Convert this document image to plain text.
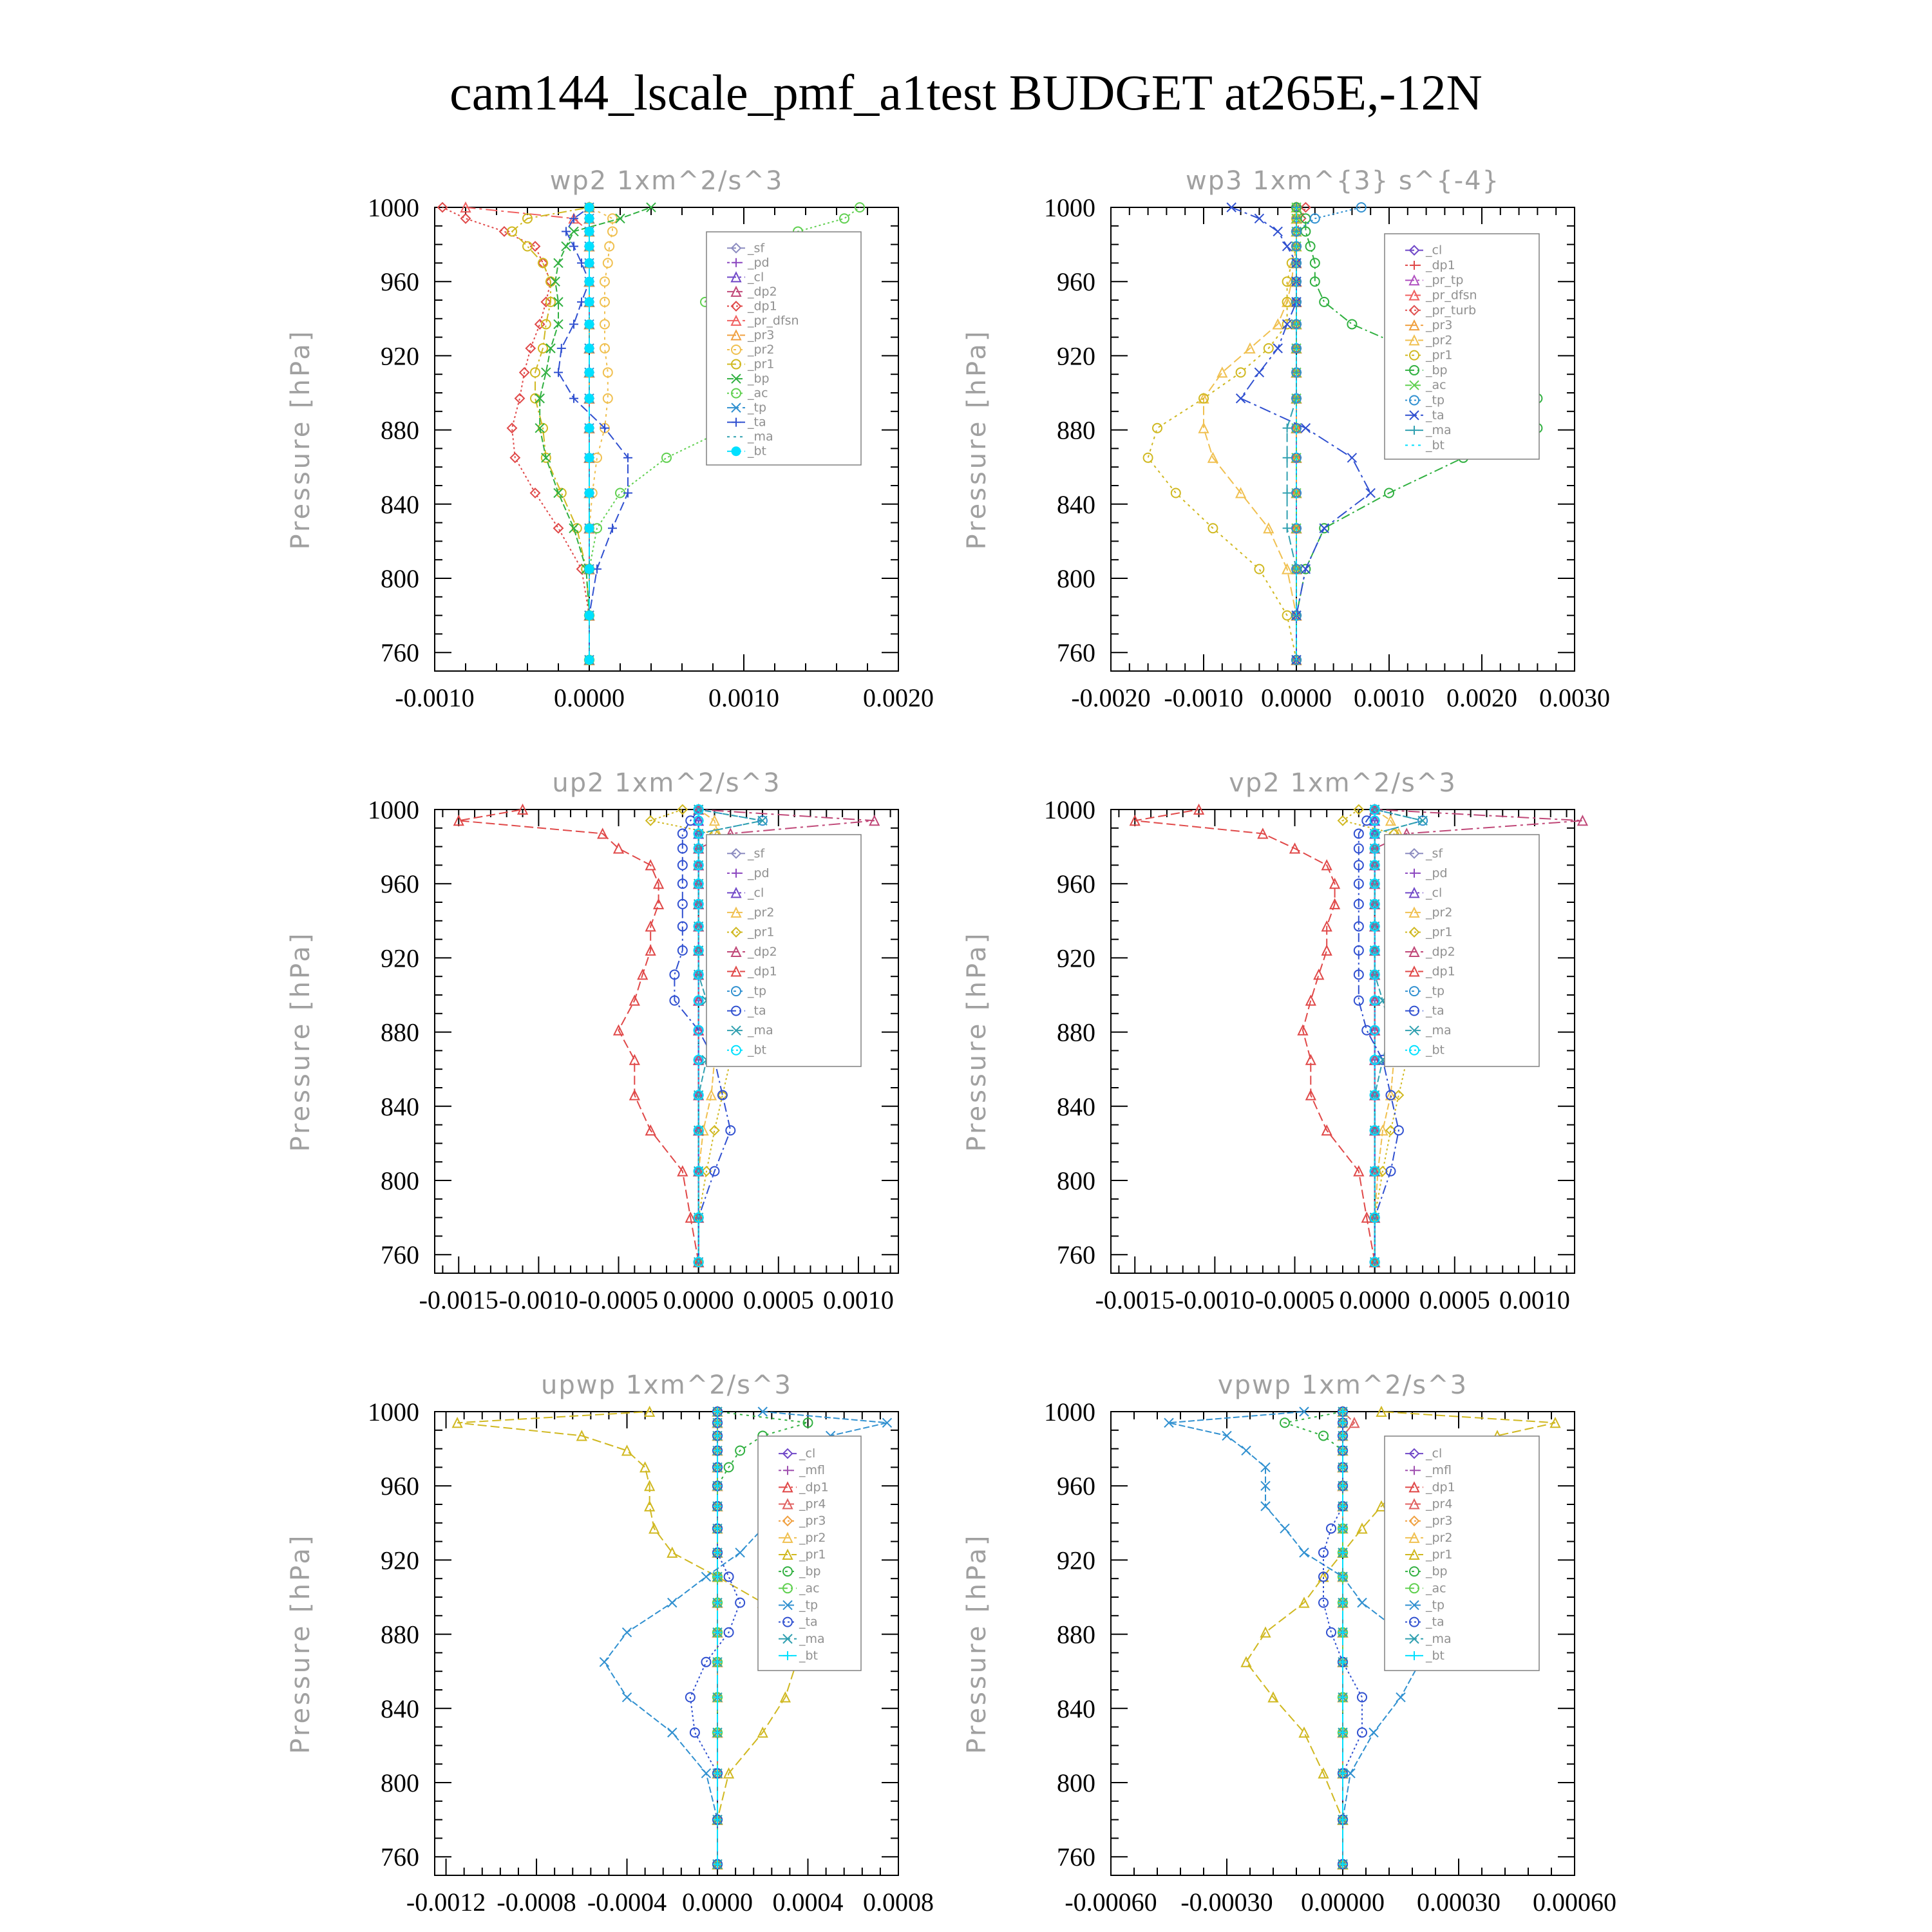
cam144_lscale_pmf_a1test BUDGET at265E,-12N
wp2 1xm^2/s^3
Pressure [hPa]
760
800
840
880
920
960
1000
-0.0010	0.0000	0.0010	0.0020
_sf
_pd
_cl
_dp2
_dp1
_pr_dfsn
_pr3
_pr2
_pr1
_bp
_ac
_tp
_ta
_ma
_bt
wp3 1xm^{3} s^{-4}
Pressure [hPa]
760
800
840
880
920
960
1000
-0.0020 -0.0010 0.0000 0.0010 0.0020 0.0030
_cl
_dp1
_pr_tp
_pr_dfsn
_pr_turb
_pr3
_pr2
_pr1
_bp
_ac
_tp
_ta
_ma
_bt
up2 1xm^2/s^3
Pressure [hPa]
760
800
840
880
920
960
1000
-0.0015 -0.0010 -0.0005 0.0000 0.0005 0.0010
_sf
_pd
_cl
_pr2
_pr1
_dp2
_dp1
_tp
_ta
_ma
_bt
vp2 1xm^2/s^3
Pressure [hPa]
760
800
840
880
920
960
1000
-0.0015 -0.0010 -0.0005 0.0000 0.0005 0.0010
_sf
_pd
_cl
_pr2
_pr1
_dp2
_dp1
_tp
_ta
_ma
_bt
upwp 1xm^2/s^3
Pressure [hPa]
760
800
840
880
920
960
1000
-0.0012 -0.0008 -0.0004 0.0000 0.0004 0.0008
_cl
_mfl
_dp1
_pr4
_pr3
_pr2
_pr1
_bp
_ac
_tp
_ta
_ma
_bt
vpwp 1xm^2/s^3
Pressure [hPa]
760
800
840
880
920
960
1000
-0.00060 -0.00030 0.00000 0.00030 0.00060
_cl
_mfl
_dp1
_pr4
_pr3
_pr2
_pr1
_bp
_ac
_tp
_ta
_ma
_bt
